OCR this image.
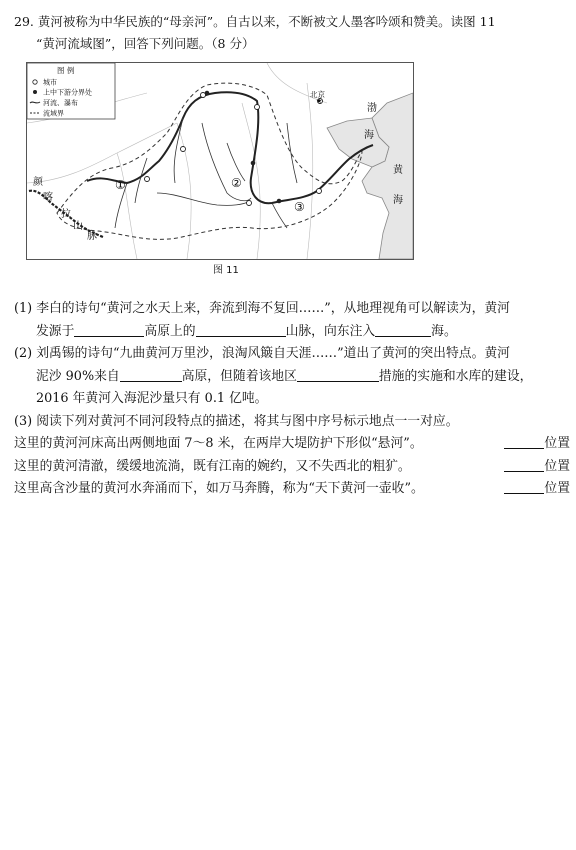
29. 黄河被称为中华民族的“母亲河”。自古以来，不断被文人墨客吟颂和赞美。读图 11
“黄河流域图”，回答下列问题。（8 分）
★
北京
渤
海
黄
海
颜
喀
拉
山
脉
①	②
③
图 例
城市
上中下游分界处
河流、瀑布
流域界
图 11
(1) 李白的诗句“黄河之水天上来，奔流到海不复回……”，从地理视角可以解读为，黄河
发源于	高原上的	山脉，向东注入	海。
(2) 刘禹锡的诗句“九曲黄河万里沙，浪淘风簸自天涯……”道出了黄河的突出特点。黄河
泥沙 90%来自	高原，但随着该地区	措施的实施和水库的建设，
2016 年黄河入海泥沙量只有 0.1 亿吨。
(3) 阅读下列对黄河不同河段特点的描述，将其与图中序号标示地点一一对应。
这里的黄河河床高出两侧地面 7～8 米，在两岸大堤防护下形似“悬河”。	位置
这里的黄河清澈，缓缓地流淌，既有江南的婉约，又不失西北的粗犷。	位置
这里高含沙量的黄河水奔涌而下，如万马奔腾，称为“天下黄河一壶收”。	位置
